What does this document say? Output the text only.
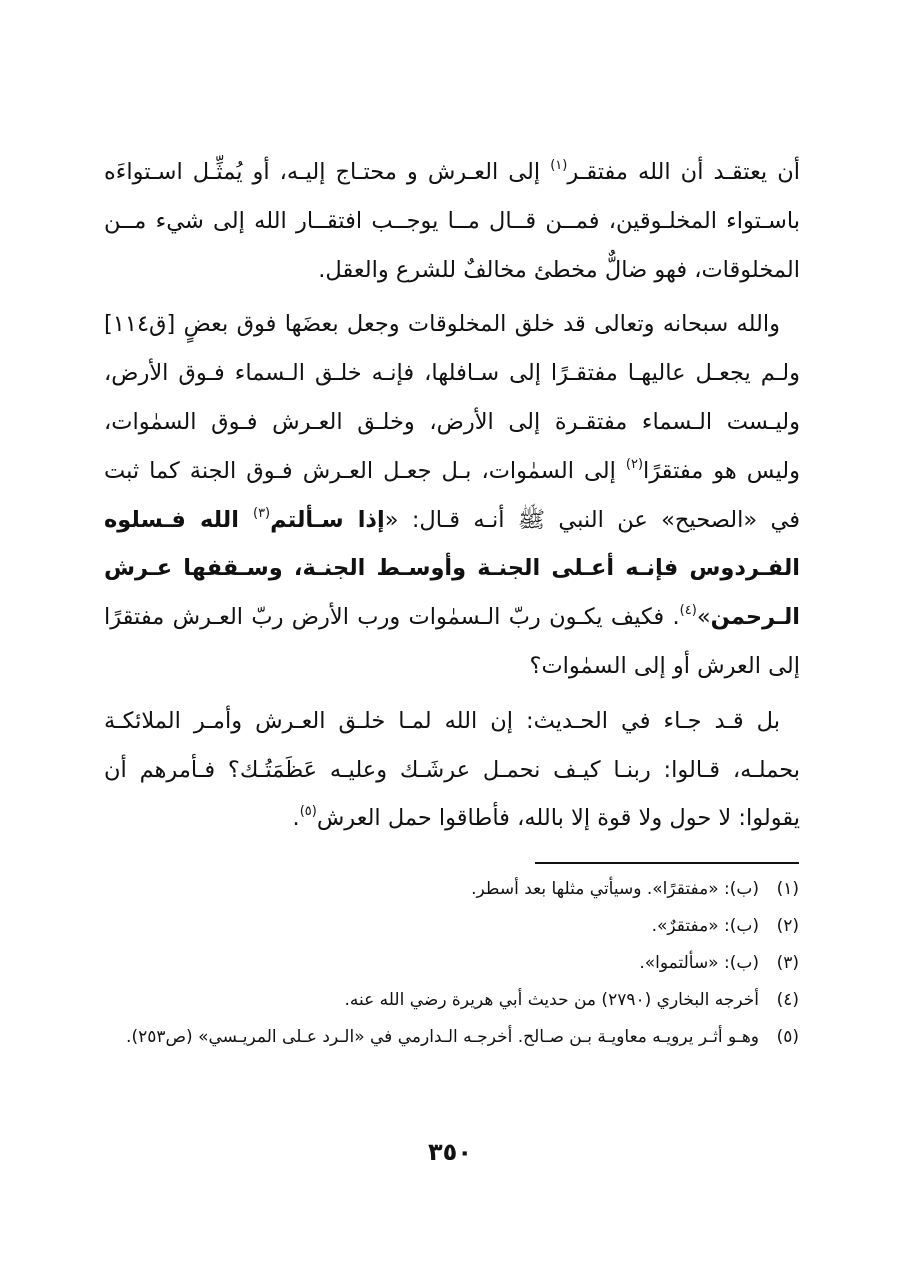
أن يعتقـد أن الله مفتقـر$^{(١)}$ إلى العـرش و محتـاج إليـه، أو يُمثِّـل اسـتواءَه باسـتواء المخلـوقين، فمــن قــال مــا يوجــب افتقــار الله إلى شيء مــن المخلوقات، فهو ضالٌّ مخطئ مخالفٌ للشرع والعقل.

والله سبحانه وتعالى قد خلق المخلوقات وجعل بعضَها فوق بعضٍ [ق١١٤] ولـم يجعـل عاليهـا مفتقـرًا إلى سـافلها، فإنـه خلـق الـسماء فـوق الأرض، وليـست الـسماء مفتقـرة إلى الأرض، وخلـق العـرش فـوق السمٰوات، وليس هو مفتقرًا$^{(٢)}$ إلى السمٰوات، بـل جعـل العـرش فـوق الجنة كما ثبت في «الصحيح» عن النبي ﷺ أنـه قـال: «إذا سـألتم$^{(٣)}$ الله فـسلوه الفـردوس فإنـه أعـلى الجنـة وأوسـط الجنـة، وسـقفها عـرش الـرحمن»$^{(٤)}$. فكيف يكـون ربّ الـسمٰوات ورب الأرض ربّ العـرش مفتقرًا إلى العرش أو إلى السمٰوات؟

بل قـد جـاء في الحـديث: إن الله لمـا خلـق العـرش وأمـر الملائكـة بحملـه، قـالوا: ربنـا كيـف نحمـل عرشَـك وعليـه عَظَمَتُـك؟ فـأمرهم أن يقولوا: لا حول ولا قوة إلا بالله، فأطاقوا حمل العرش$^{(٥)}$.

(١)
(ب): «مفتقرًا». وسيأتي مثلها بعد أسطر.
(٢)
(ب): «مفتقرٌ».
(٣)
(ب): «سألتموا».
(٤)
أخرجه البخاري (٢٧٩٠) من حديث أبي هريرة رضي الله عنه.
(٥)
وهـو أثـر يرويـه معاويـة بـن صـالح. أخرجـه الـدارمي في «الـرد عـلى المريـسي» (ص٢٥٣).
٣٥٠
